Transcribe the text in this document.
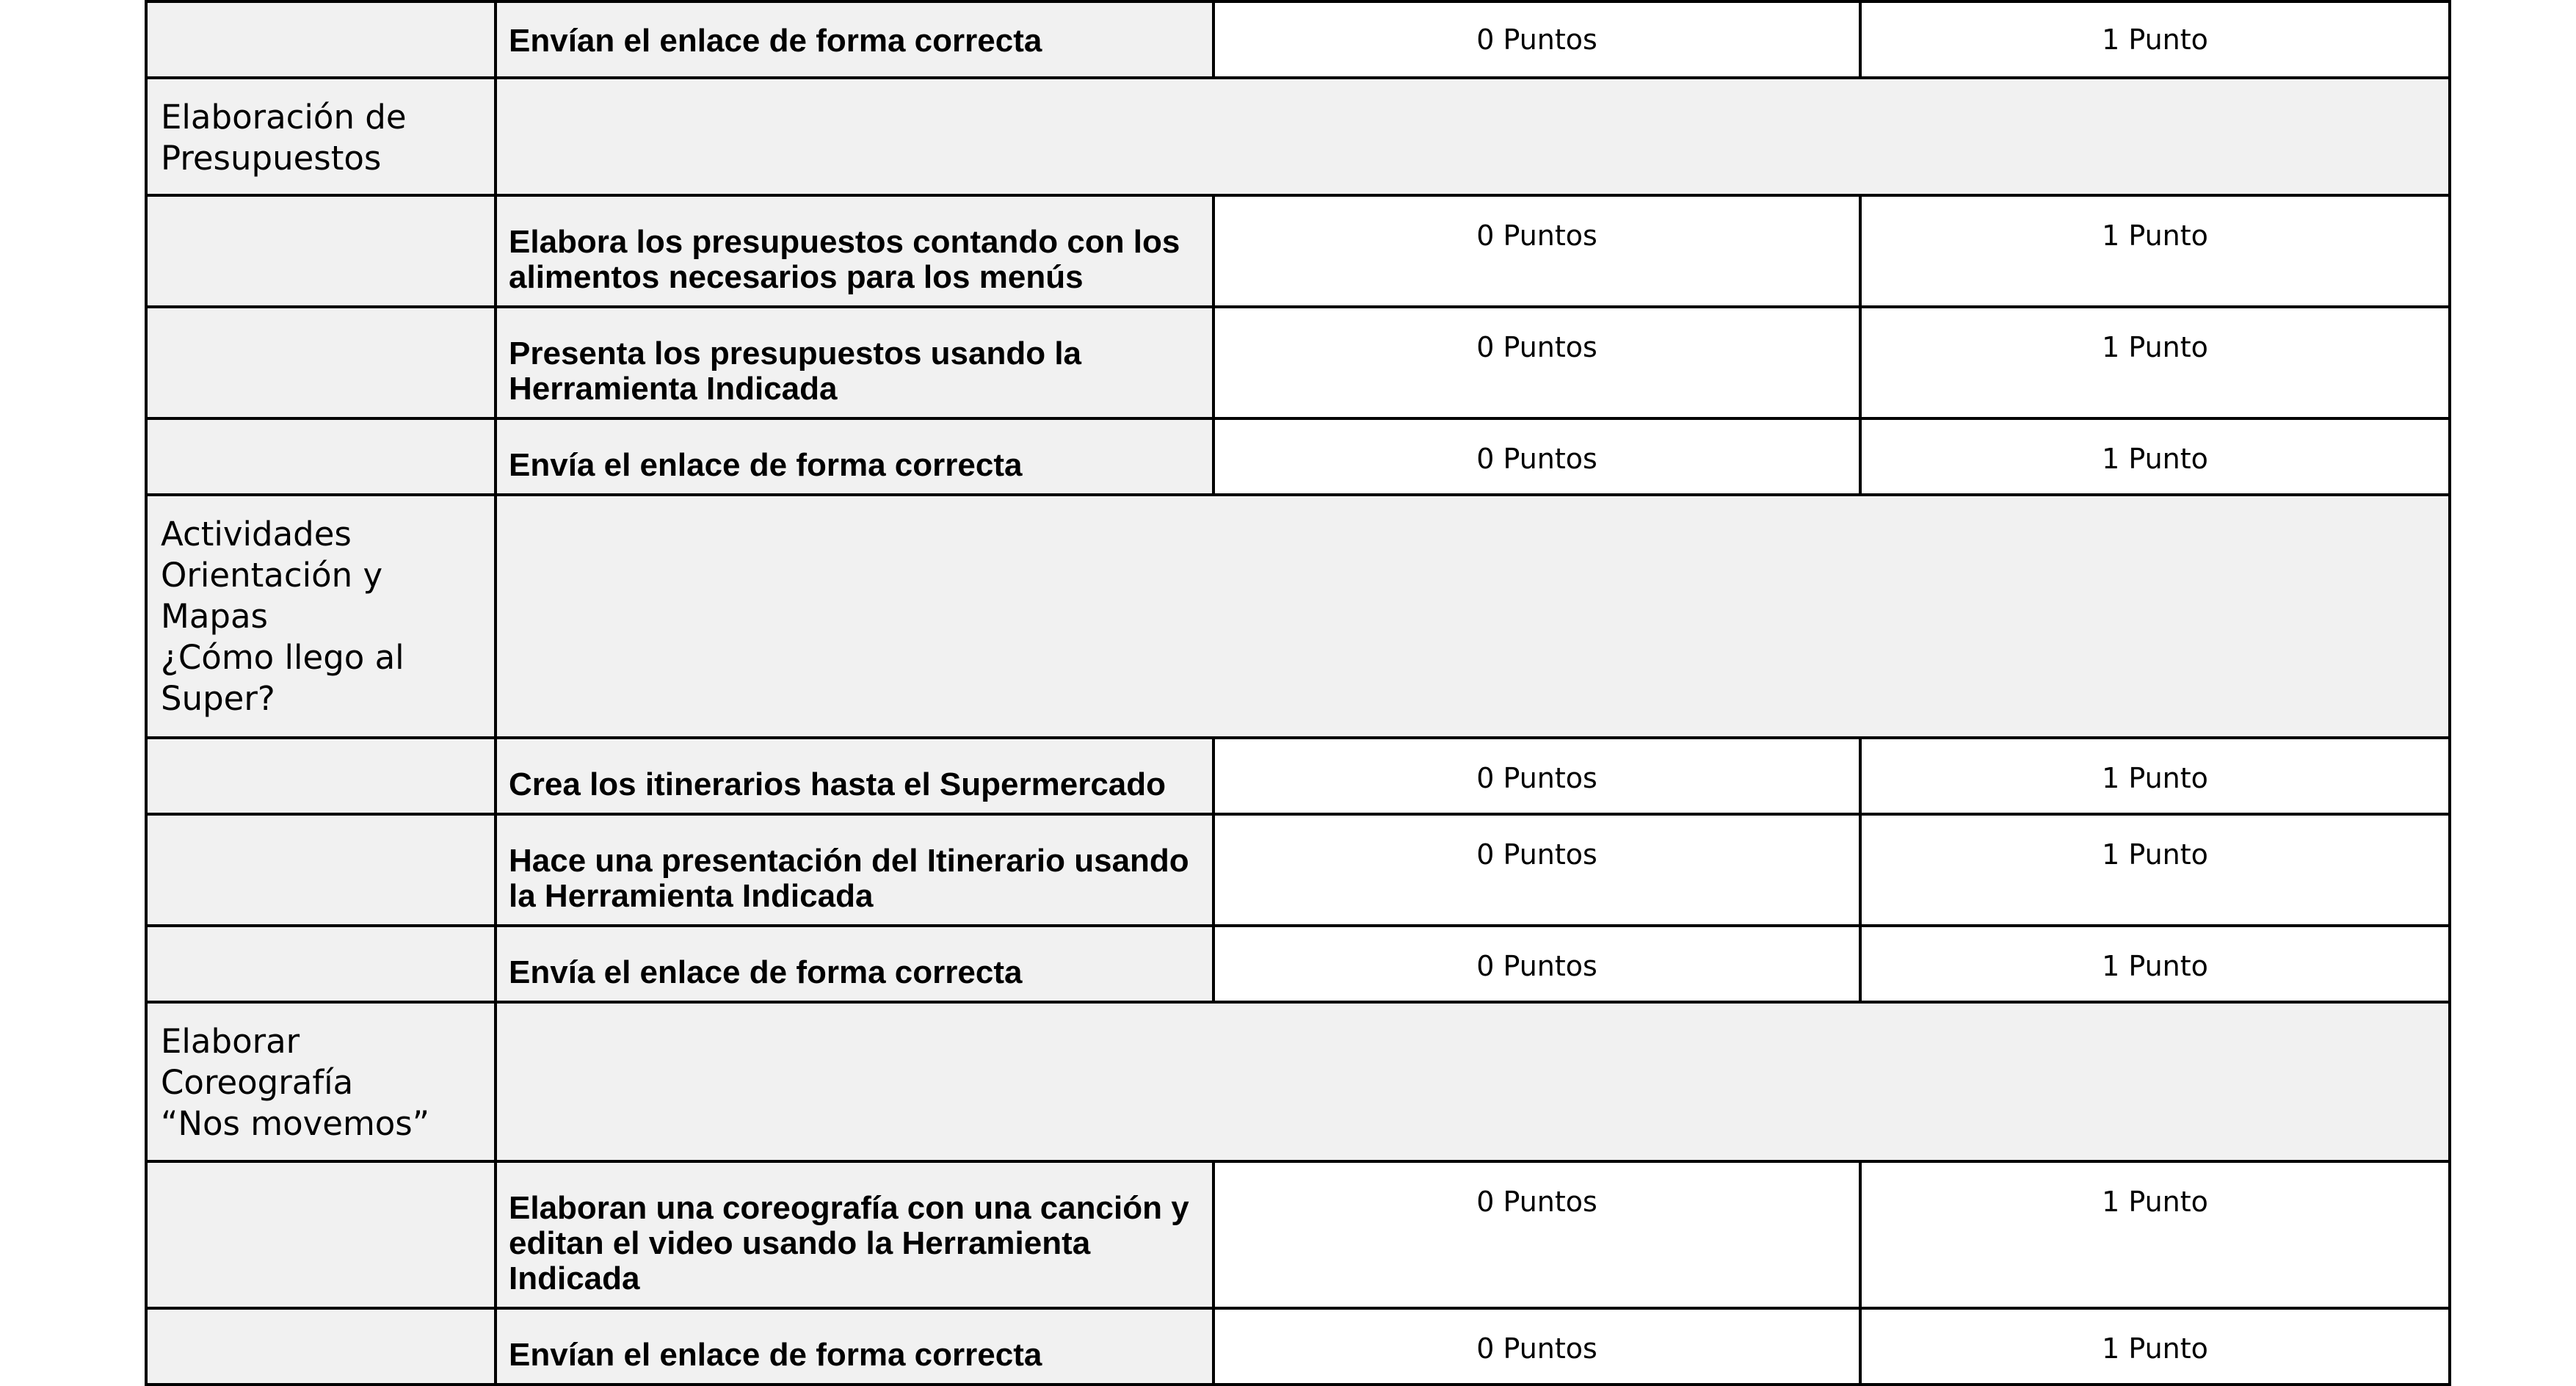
	Envían el enlace de forma correcta	0 Puntos	1 Punto
Elaboración de
Presupuestos			
	Elabora los presupuestos contando con los alimentos necesarios para los menús	0 Puntos	1 Punto
	Presenta los presupuestos usando la Herramienta Indicada	0 Puntos	1 Punto
	Envía el enlace de forma correcta	0 Puntos	1 Punto
Actividades
Orientación y
Mapas
¿Cómo llego al
Super?			
	Crea los itinerarios hasta el Supermercado	0 Puntos	1 Punto
	Hace una presentación del Itinerario usando la Herramienta Indicada	0 Puntos	1 Punto
	Envía el enlace de forma correcta	0 Puntos	1 Punto
Elaborar
Coreografía
“Nos movemos”			
	Elaboran una coreografía con una canción y editan el video usando la Herramienta Indicada	0 Puntos	1 Punto
	Envían el enlace de forma correcta	0 Puntos	1 Punto
